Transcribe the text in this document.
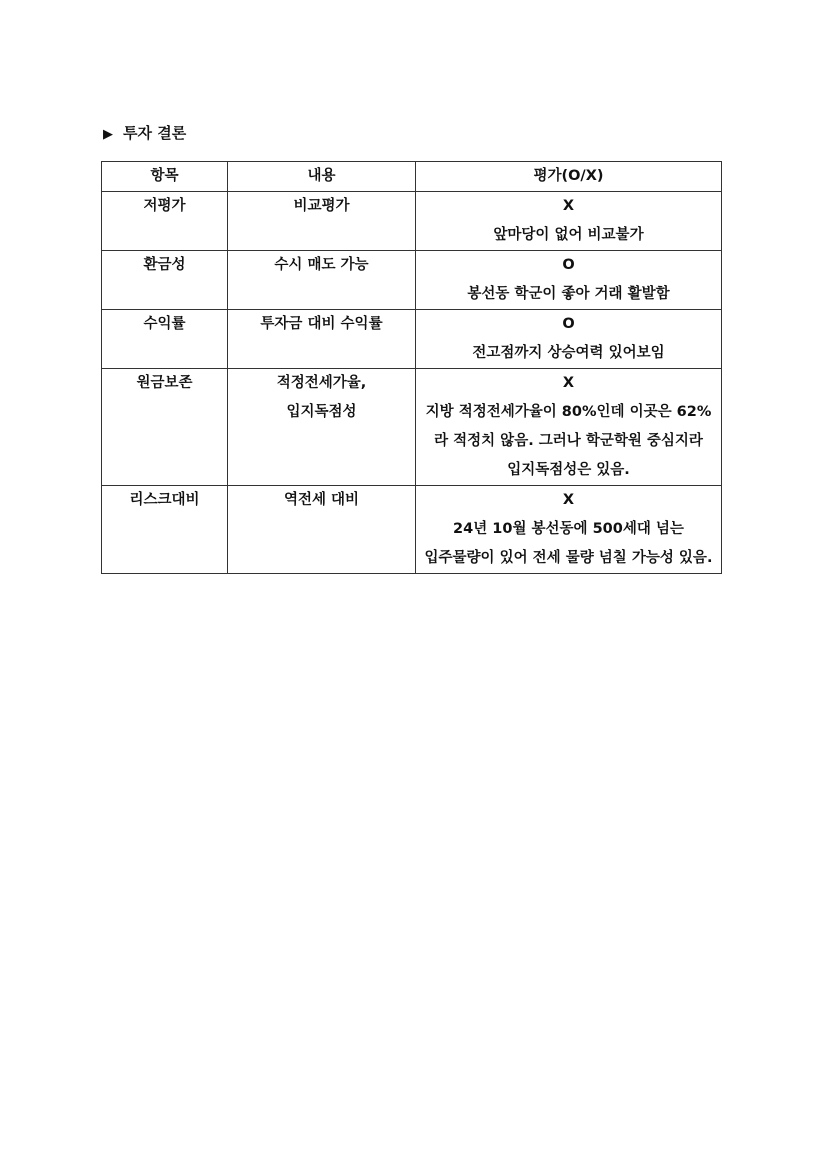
▶ 투자 결론
항목	내용	평가(O/X)
저평가	비교평가	X
앞마당이 없어 비교불가

환금성	수시 매도 가능	O
봉선동 학군이 좋아 거래 활발함

수익률	투자금 대비 수익률	O
전고점까지 상승여력 있어보임

원금보존	적정전세가율, 입지독점성	X
지방 적정전세가율이 80%인데 이곳은 62%라 적정치 않음. 그러나 학군학원 중심지라 입지독점성은 있음.

리스크대비	역전세 대비	X
24년 10월 봉선동에 500세대 넘는 입주물량이 있어 전세 물량 넘칠 가능성 있음.
